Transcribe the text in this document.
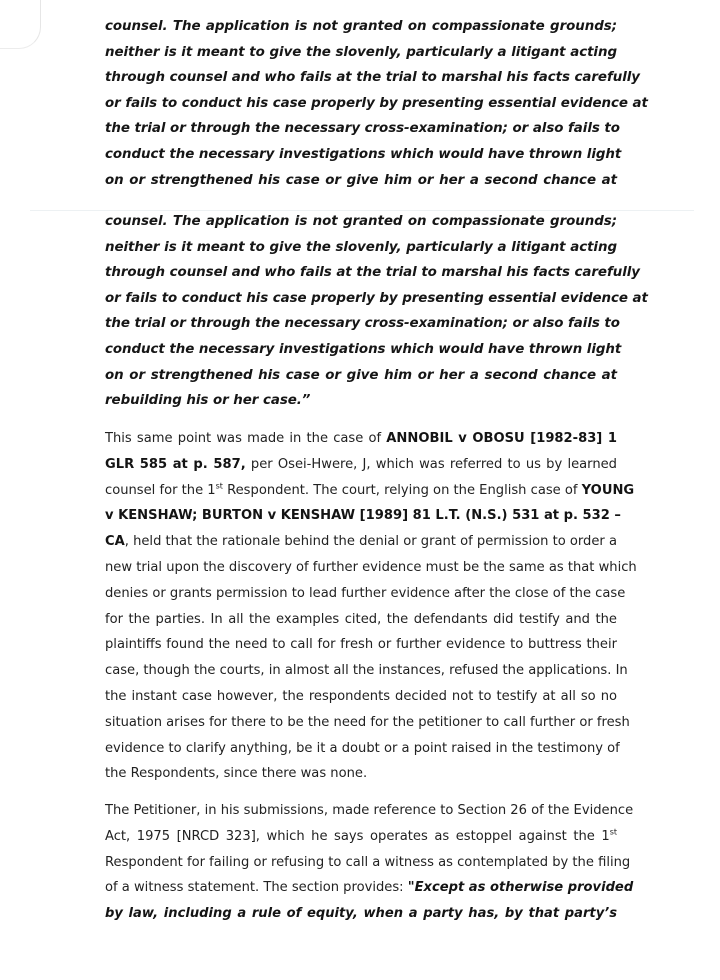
counsel. The application is not granted on compassionate grounds;
neither is it meant to give the slovenly, particularly a litigant acting
through counsel and who fails at the trial to marshal his facts carefully
or fails to conduct his case properly by presenting essential evidence at
the trial or through the necessary cross-examination; or also fails to
conduct the necessary investigations which would have thrown light
on or strengthened his case or give him or her a second chance at
counsel. The application is not granted on compassionate grounds;
neither is it meant to give the slovenly, particularly a litigant acting
through counsel and who fails at the trial to marshal his facts carefully
or fails to conduct his case properly by presenting essential evidence at
the trial or through the necessary cross-examination; or also fails to
conduct the necessary investigations which would have thrown light
on or strengthened his case or give him or her a second chance at
rebuilding his or her case.”
This same point was made in the case of ANNOBIL v OBOSU [1982-83] 1
GLR 585 at p. 587, per Osei-Hwere, J, which was referred to us by learned
counsel for the 1st Respondent. The court, relying on the English case of YOUNG
v KENSHAW; BURTON v KENSHAW [1989] 81 L.T. (N.S.) 531 at p. 532 –
CA, held that the rationale behind the denial or grant of permission to order a
new trial upon the discovery of further evidence must be the same as that which
denies or grants permission to lead further evidence after the close of the case
for the parties. In all the examples cited, the defendants did testify and the
plaintiffs found the need to call for fresh or further evidence to buttress their
case, though the courts, in almost all the instances, refused the applications. In
the instant case however, the respondents decided not to testify at all so no
situation arises for there to be the need for the petitioner to call further or fresh
evidence to clarify anything, be it a doubt or a point raised in the testimony of
the Respondents, since there was none.
The Petitioner, in his submissions, made reference to Section 26 of the Evidence
Act, 1975 [NRCD 323], which he says operates as estoppel against the 1st
Respondent for failing or refusing to call a witness as contemplated by the filing
of a witness statement. The section provides: "Except as otherwise provided
by law, including a rule of equity, when a party has, by that party’s
